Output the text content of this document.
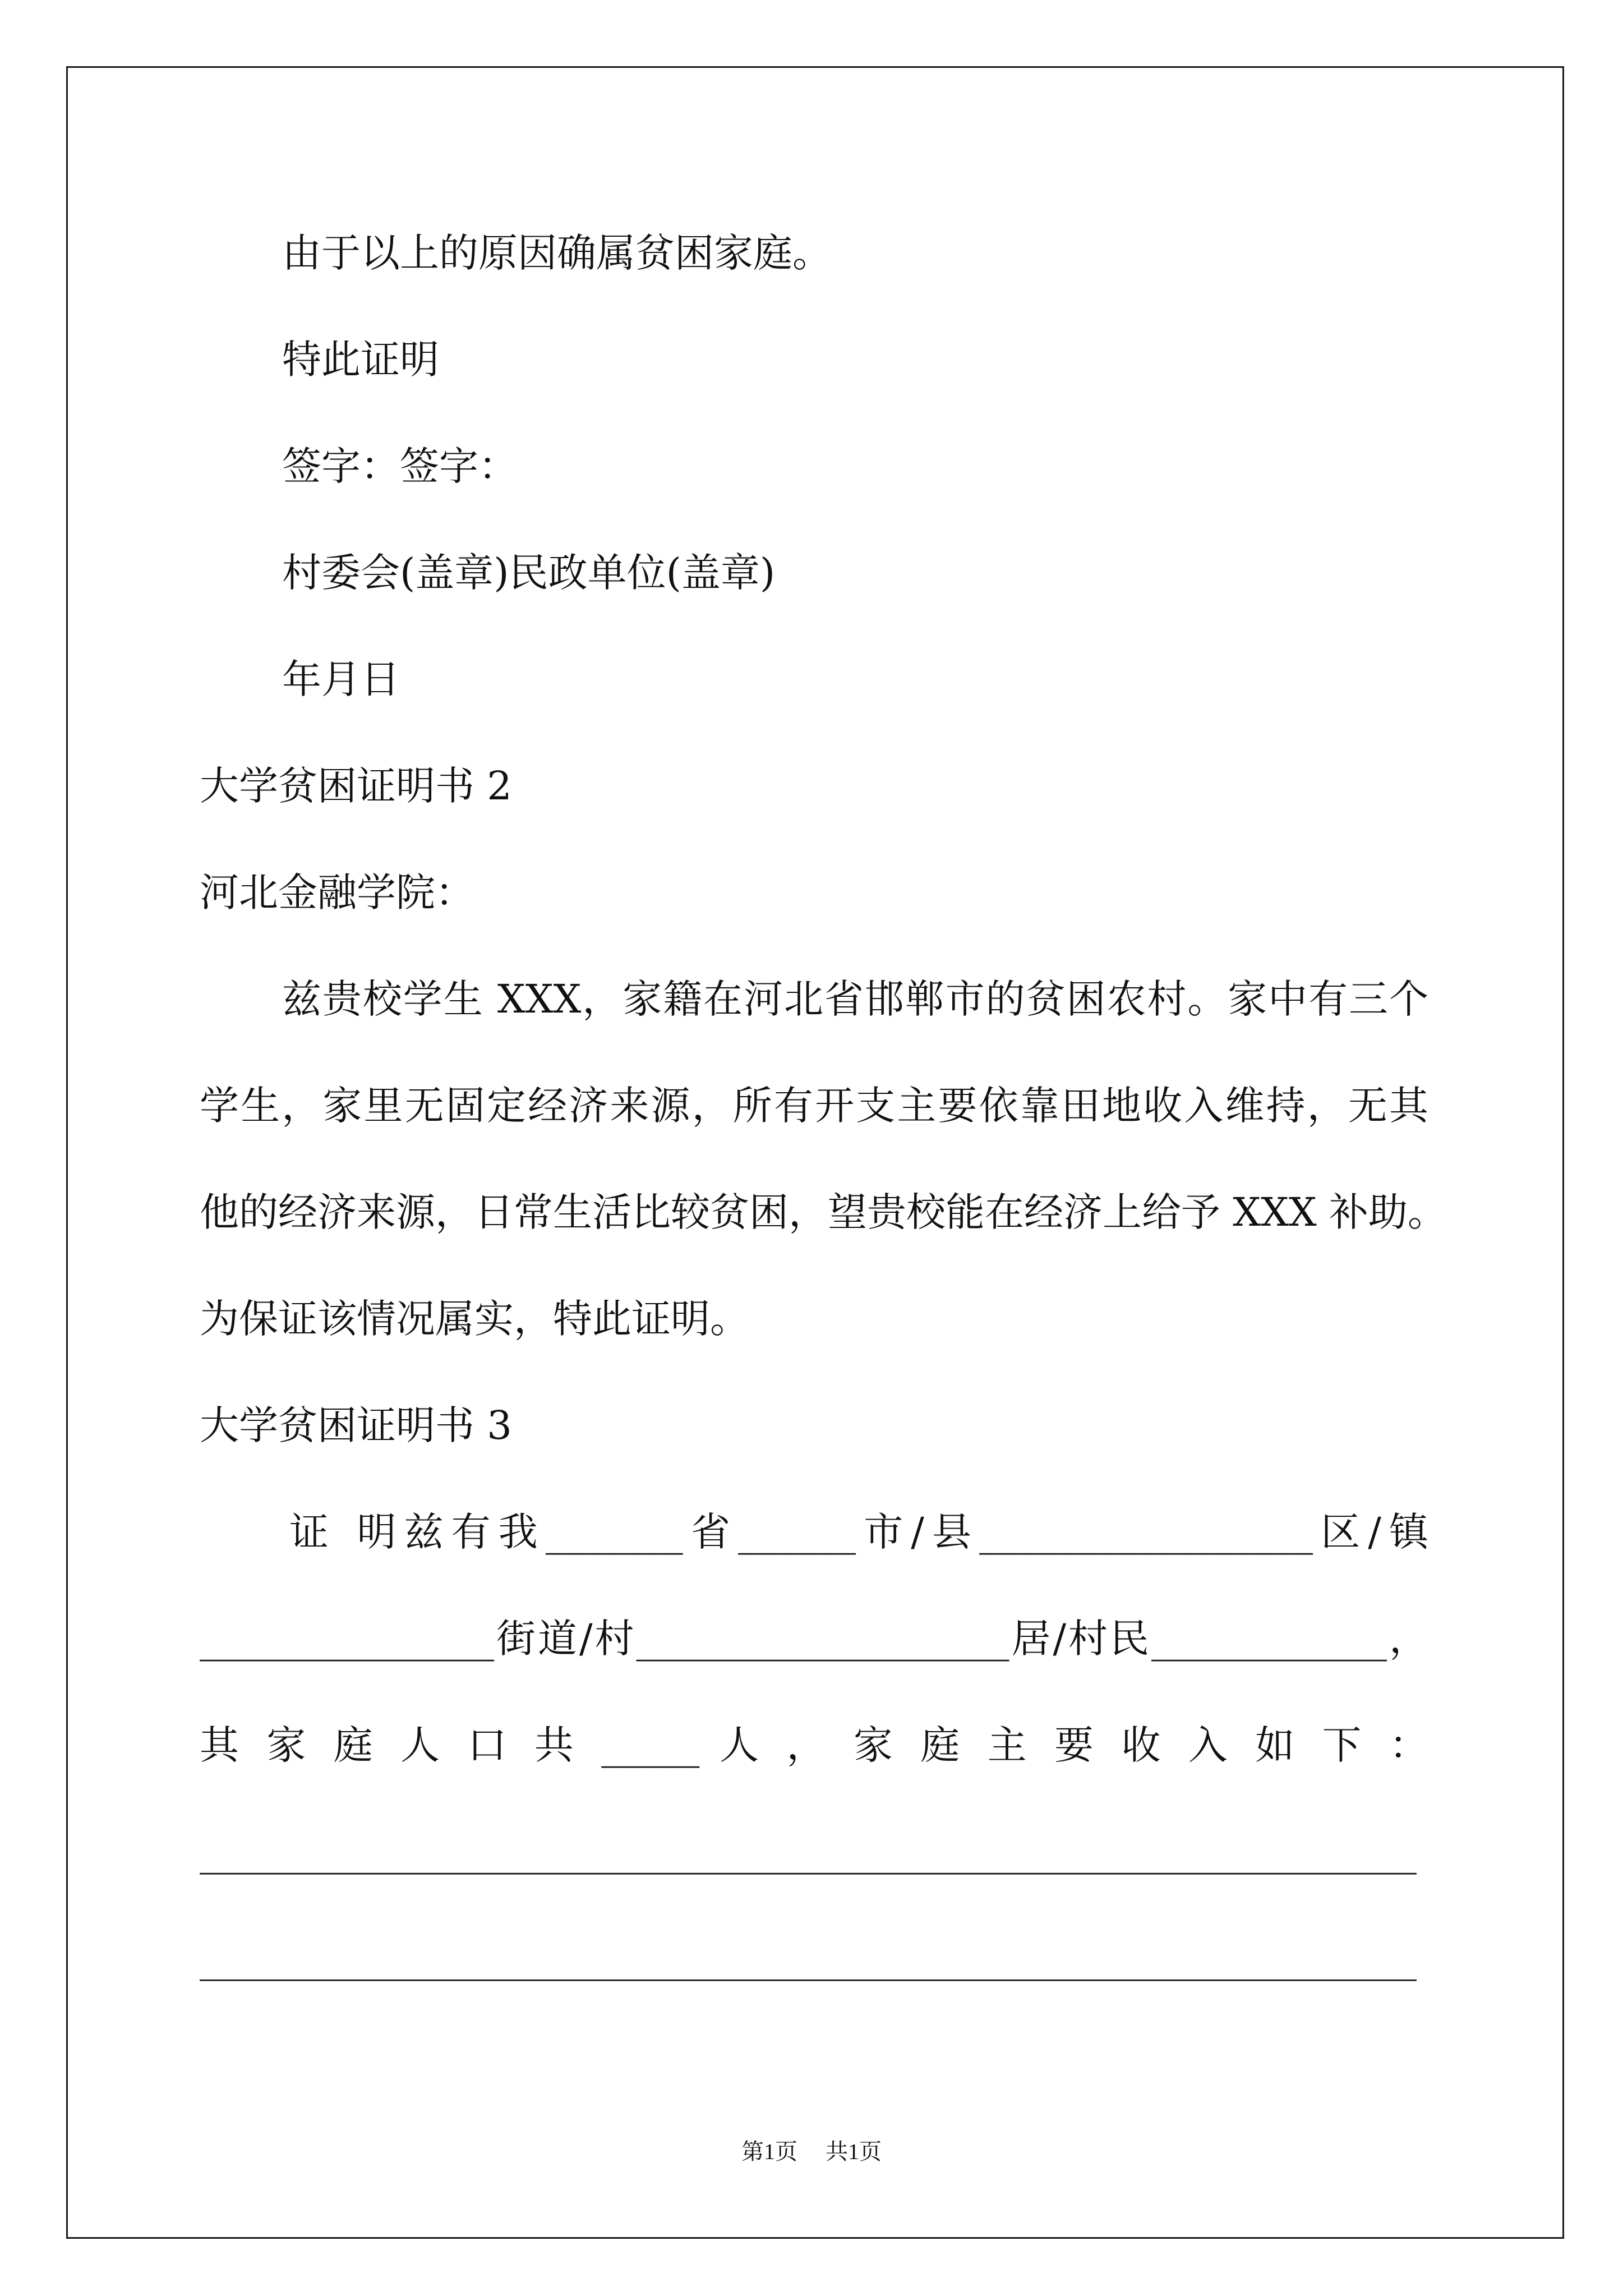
由于以上的原因确属贫困家庭。
特此证明
签字：签字：
村委会(盖章)民政单位(盖章)
年月日
大学贫困证明书 2
河北金融学院：
兹贵校学生 XXX，家籍在河北省邯郸市的贫困农村。家中有三个
学生，家里无固定经济来源，所有开支主要依靠田地收入维持，无其
他的经济来源，日常生活比较贫困，望贵校能在经济上给予 XXX 补助。
为保证该情况属实，特此证明。
大学贫困证明书 3
证 明兹有我_______省______市/县_________________区/镇
_______________街道/村___________________居/村民____________，
其 家 庭 人 口 共 _____ 人 ， 家 庭 主 要 收 入 如 下 ：
______________________________________________________________
______________________________________________________________
第1页 共1页
